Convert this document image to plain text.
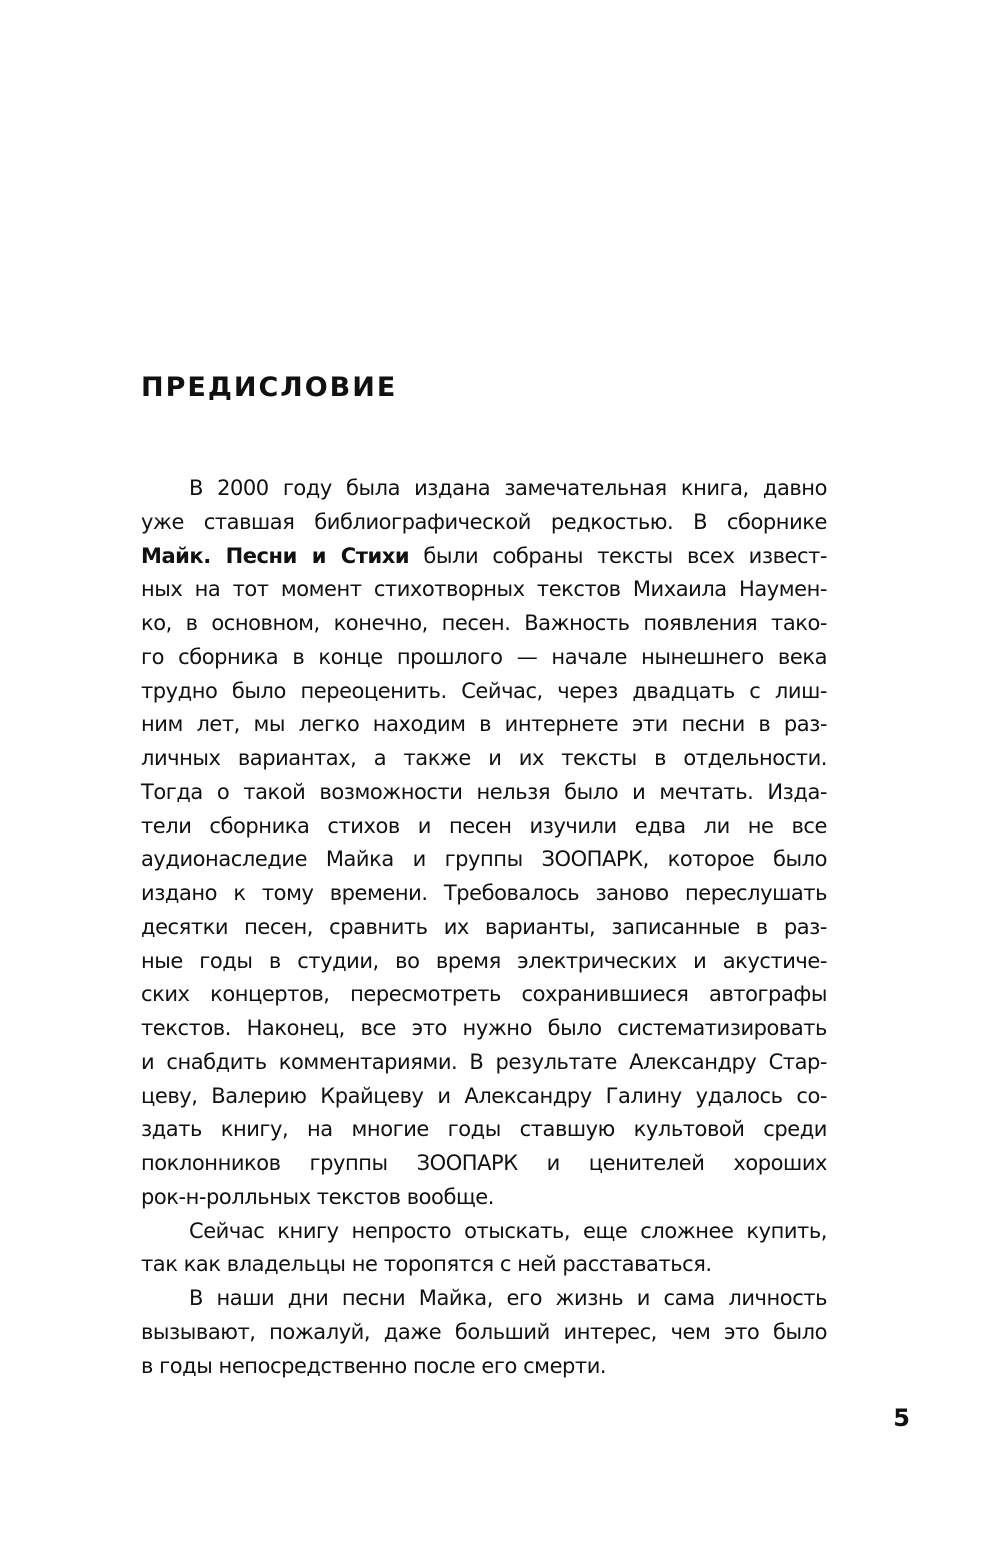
ПРЕДИСЛОВИЕ
В 2000 году была издана замечательная книга, давно
уже ставшая библиографической редкостью. В сборнике
Майк. Песни и Стихи были собраны тексты всех извест-
ных на тот момент стихотворных текстов Михаила Наумен-
ко, в основном, конечно, песен. Важность появления тако-
го сборника в конце прошлого — начале нынешнего века
трудно было переоценить. Сейчас, через двадцать с лиш-
ним лет, мы легко находим в интернете эти песни в раз-
личных вариантах, а также и их тексты в отдельности.
Тогда о такой возможности нельзя было и мечтать. Изда-
тели сборника стихов и песен изучили едва ли не все
аудионаследие Майка и группы ЗООПАРК, которое было
издано к тому времени. Требовалось заново переслушать
десятки песен, сравнить их варианты, записанные в раз-
ные годы в студии, во время электрических и акустиче-
ских концертов, пересмотреть сохранившиеся автографы
текстов. Наконец, все это нужно было систематизировать
и снабдить комментариями. В результате Александру Стар-
цеву, Валерию Крайцеву и Александру Галину удалось со-
здать книгу, на многие годы ставшую культовой среди
поклонников группы ЗООПАРК и ценителей хороших
рок-н-ролльных текстов вообще.
Сейчас книгу непросто отыскать, еще сложнее купить,
так как владельцы не торопятся с ней расставаться.
В наши дни песни Майка, его жизнь и сама личность
вызывают, пожалуй, даже больший интерес, чем это было
в годы непосредственно после его смерти.
5
